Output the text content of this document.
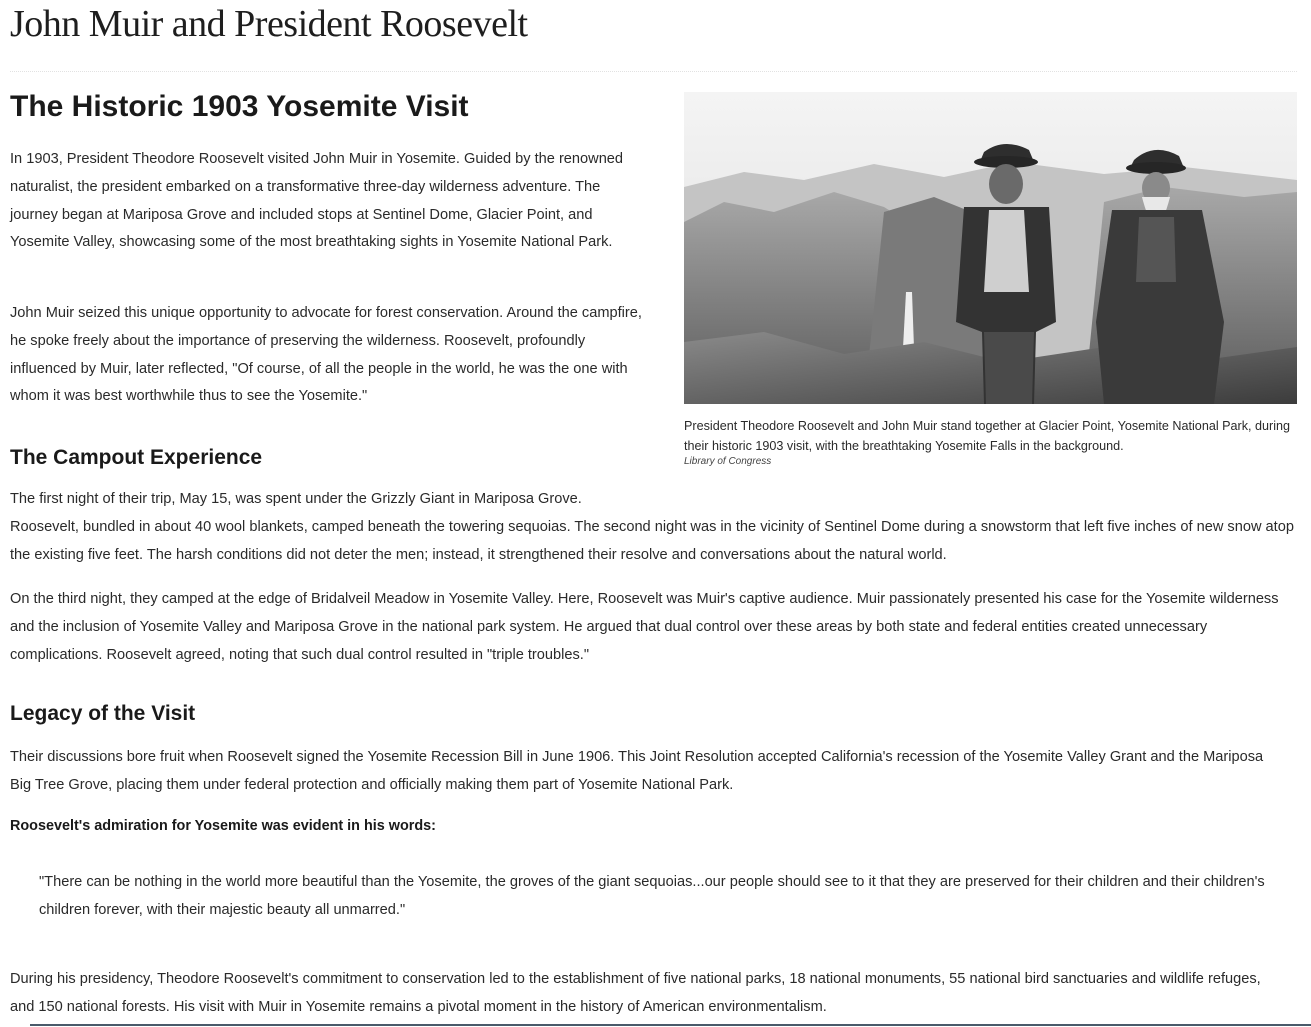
John Muir and President Roosevelt
The Historic 1903 Yosemite Visit

In 1903, President Theodore Roosevelt visited John Muir in Yosemite. Guided by the renowned naturalist, the president embarked on a transformative three-day wilderness adventure. The journey began at Mariposa Grove and included stops at Sentinel Dome, Glacier Point, and Yosemite Valley, showcasing some of the most breathtaking sights in Yosemite National Park.

John Muir seized this unique opportunity to advocate for forest conservation. Around the campfire, he spoke freely about the importance of preserving the wilderness. Roosevelt, profoundly influenced by Muir, later reflected, "Of course, of all the people in the world, he was the one with whom it was best worthwhile thus to see the Yosemite."

President Theodore Roosevelt and John Muir stand together at Glacier Point, Yosemite National Park, during their historic 1903 visit, with the breathtaking Yosemite Falls in the background.

Library of Congress

The Campout Experience

The first night of their trip, May 15, was spent under the Grizzly Giant in Mariposa Grove.

Roosevelt, bundled in about 40 wool blankets, camped beneath the towering sequoias. The second night was in the vicinity of Sentinel Dome during a snowstorm that left five inches of new snow atop the existing five feet. The harsh conditions did not deter the men; instead, it strengthened their resolve and conversations about the natural world.

On the third night, they camped at the edge of Bridalveil Meadow in Yosemite Valley. Here, Roosevelt was Muir's captive audience. Muir passionately presented his case for the Yosemite wilderness and the inclusion of Yosemite Valley and Mariposa Grove in the national park system. He argued that dual control over these areas by both state and federal entities created unnecessary complications. Roosevelt agreed, noting that such dual control resulted in "triple troubles."

Legacy of the Visit

Their discussions bore fruit when Roosevelt signed the Yosemite Recession Bill in June 1906. This Joint Resolution accepted California's recession of the Yosemite Valley Grant and the Mariposa Big Tree Grove, placing them under federal protection and officially making them part of Yosemite National Park.

Roosevelt's admiration for Yosemite was evident in his words:

"There can be nothing in the world more beautiful than the Yosemite, the groves of the giant sequoias...our people should see to it that they are preserved for their children and their children's children forever, with their majestic beauty all unmarred."

During his presidency, Theodore Roosevelt's commitment to conservation led to the establishment of five national parks, 18 national monuments, 55 national bird sanctuaries and wildlife refuges, and 150 national forests. His visit with Muir in Yosemite remains a pivotal moment in the history of American environmentalism.
